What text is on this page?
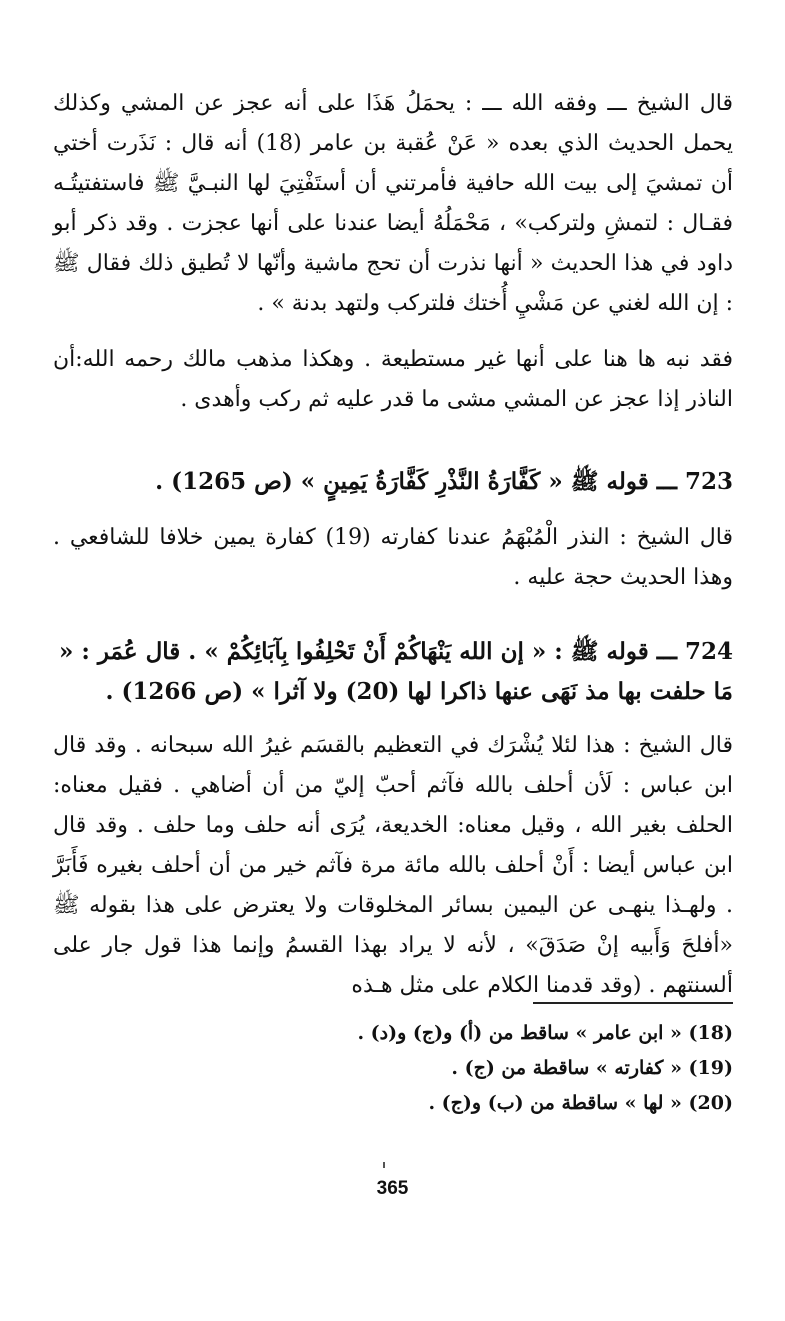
قال الشيخ ـــ وفقه الله ـــ : يحمَلُ هَذَا على أنه عجز عن المشي وكذلك يحمل الحديث الذي بعده « عَنْ عُقبة بن عامر (18) أنه قال : نَذَرت أختي أن تمشيَ إلى بيت الله حافية فأمرتني أن أستَفْتِيَ لها النبـيَّ ﷺ فاستفتيتُـه فقـال : لتمشِ ولتركب» ، مَحْمَلُهُ أيضا عندنا على أنها عجزت . وقد ذكر أبو داود في هذا الحديث « أنها نذرت أن تحج ماشية وأنّها لا تُطيق ذلك فقال ﷺ : إن الله لغني عن مَشْيِ أُختك فلتركب ولتهد بدنة » .

فقد نبه ها هنا على أنها غير مستطيعة . وهكذا مذهب مالك رحمه الله:أن الناذر إذا عجز عن المشي مشى ما قدر عليه ثم ركب وأهدى .

723 ـــ قوله ﷺ « كَفَّارَةُ النَّذْرِ كَفَّارَةُ يَمِينٍ » (ص 1265) .

قال الشيخ : النذر الْمُبْهَمُ عندنا كفارته (19) كفارة يمين خلافا للشافعي . وهذا الحديث حجة عليه .

724 ـــ قوله ﷺ : « إن الله يَنْهَاكُمْ أَنْ تَحْلِفُوا بِآبَائِكُمْ » . قال عُمَر : « مَا حلفت بها مذ نَهَى عنها ذاكرا لها (20) ولا آثرا » (ص 1266) .

قال الشيخ : هذا لئلا يُشْرَك في التعظيم بالقسَم غيرُ الله سبحانه . وقد قال ابن عباس : لَأن أحلف بالله فآثم أحبّ إليّ من أن أضاهي . فقيل معناه: الحلف بغير الله ، وقيل معناه: الخديعة، يُرَى أنه حلف وما حلف . وقد قال ابن عباس أيضا : أَنْ أحلف بالله مائة مرة فآثم خير من أن أحلف بغيره فَأَبَرَّ . ولهـذا ينهـى عن اليمين بسائر المخلوقات ولا يعترض على هذا بقوله ﷺ «أفلحَ وَأَبيه إنْ صَدَقَ» ، لأنه لا يراد بهذا القسمُ وإنما هذا قول جار على ألسنتهم . (وقد قدمنا الكلام على مثل هـذه

(18) « ابن عامر » ساقط من (أ) و(ج) و(د) .

(19) « كفارته » ساقطة من (ج) .

(20) « لها » ساقطة من (ب) و(ج) .

365
